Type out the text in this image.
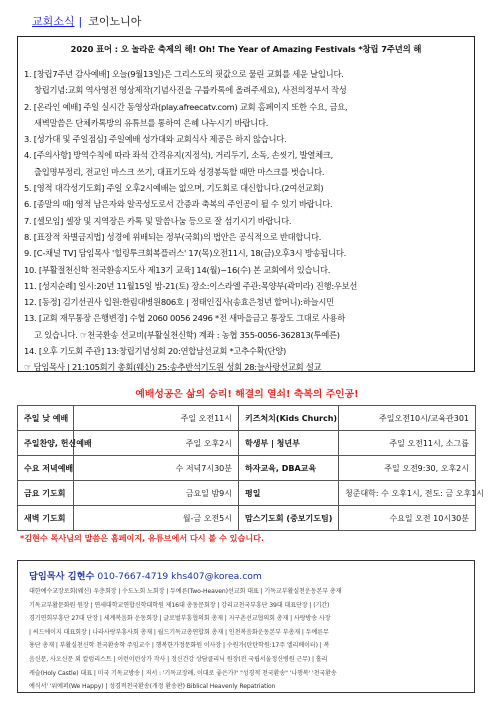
교회소식 | 코이노니아
2020 표어 : 오 놀라운 축제의 해! Oh! The Year of Amazing Festivals *창립 7주년의 해
1. [창립7주년 감사예배] 오늘(9월13일)은 그리스도의 핏값으로 물린 교회를 세운 날입니다.
창립기념:교회 역사영전 영상제작(기념사진을 구룹카톡에 올려주세요), 사전의정부서 작성
2. [온라인 예배] 주일 실시간 동영상과(play.afreecatv.com) 교회 홈페이지 또한 수요, 금요,
새벽말씀은 단체카톡방의 유튜브를 통하여 은혜 나누시기 바랍니다.
3. [성가대 및 주일점심] 주일예배 성가대와 교회식사 제공은 하지 않습니다.
4. [주의사항] 방역수칙에 따라 좌석 간격유지(지정석), 거리두기, 소독, 손씻기, 발열체크,
출입명부정리, 전교인 마스크 쓰기, 대표기도와 성경봉독할 때만 마스크를 벗습니다.
5. [영적 대각성기도회] 주일 오후2시예배는 없으며, 기도회로 대신합니다.(2여선교회)
6. [종말의 때] 영적 남은자와 알곡성도로서 간증과 축복의 주인공이 될 수 있기 바랍니다.
7. [셀모임] 셀장 및 지역장은 카톡 및 말씀나눔 등으로 잘 섬기시기 바랍니다.
8. [표장적 차별금지법] 성경에 위배되는 정부(국회)의 법안은 공식적으로 반대합니다.
9. [C-채널 TV] 담임목사 '힐링투크회복플러스' 17(목)오전11시, 18(금)오후3시 방송됩니다.
10. [부활절천신학 천국환송지도사 제13기 교육] 14(월)~16(수) 본 교회에서 있습니다.
11. [성지순례] 일시:20년 11월15일 밤-21(토) 장소:이스라엘 주관:목양부(곽미라) 진행:우보선
12. [동정] 김기선권사 입원:한림대병원806호 | 정태인집사(송효은청년 할머니):하늘시민
13. [교회 재무통장 은행변경] 수협 2060 0056 2496 *전 새마을금고 통장도 그대로 사용하
고 있습니다. ☞천국환송 선교비(부활실천신학) 계좌 : 농협 355-0056-362813(투예른)
14. [오후 기도회 주관] 13:창립기념성회 20:연합남선교회 *고추수확(단양)
☞ 담임목사 | 21:105회기 총회(웨신) 25:송추반석기도원 성회 28:늘사랑선교회 설교
예배성공은 삶의 승리! 해결의 열쇠! 축복의 주인공!
주일 낮 예배	주일 오전11시	키즈처치(Kids Church)	주일오전10시/교육관301
주일찬양, 헌신예배	주일 오후2시	학생부 | 청년부	주일 오전11시, 소그룹
수요 저녁예배	수 저녁7시30분	하자교육, DBA교육	주일 오전9:30, 오후2시
금요 기도회	금요일 밤9시	평일	청준대학: 수 오후1시, 전도: 금 오후1시
새벽 기도회	월-금 오전5시	맘스기도회 (중보기도팀)	수요일 오전 10시30분
*김현수 목사님의 말씀은 홈페이지, 유튜브에서 다시 볼 수 있습니다.
담임목사 김현수 010-7667-4719 khs407@korea.com
대한예수교장로회(웨신) 우층회장 | 수도노회 노회장 | 두예른(Two-Heaven)선교회 대표 | 기독교부활실천운동본부 총재
기독교부활문화원 원장 | 연세대학교연합신학대학원 제16대 총동문회장 | 강리교천국부흥단 39대 대표단장 | (기간)
경기연회부흥단 27대 단장 | 세계복음화 운동회장 | 글로벌부흥협의회 총재 | 지구촌선교협의회 총재 | 사랑방송 사장
| 씨드에이지 대표회장 | 나라사랑부흥사회 총재 | 월드기독교총연합회 총재 | 인천복음화운동본부 부총재 | 두예른무
용단 총재 | 부활실천신학 천국환송학 주임교수 | 행복한가정문화원 이사장 | 수원가(탄탄학원:17주 엘리베이터) | 복
음신문, 사오신문 외 칼럼리스트 | 이런이런상가 작사 | 정신건강 상담클리닉 원장(전 국립서울정신병원 근무) | 홀리
캐슬(Holy Castle) 대표 | 미국 기독교방송 | 저서 : '기독교장례, 이대로 좋은가?' "성경적 천국환송" '나행복' '천국환송
예식서' '위예퍼(We Happy) | 성경적천국환송(개정 환송판) Biblical Heavenly Repatriation
